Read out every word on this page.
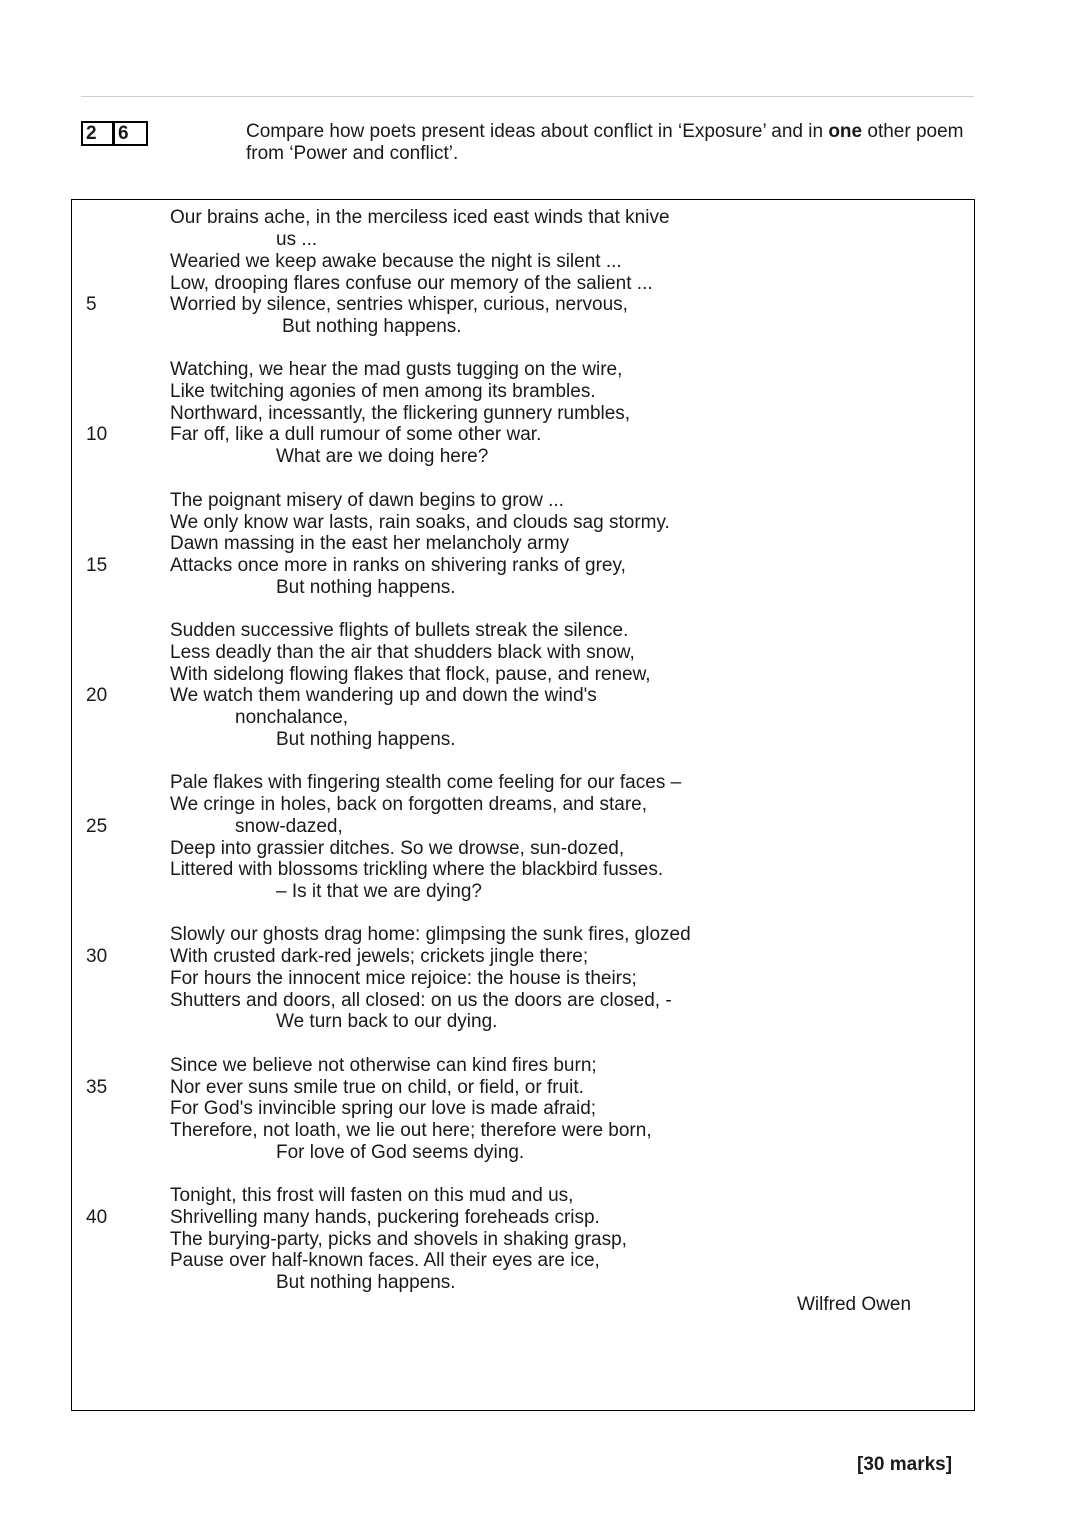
2	6	Compare how poets present ideas about conflict in ‘Exposure’ and in one other poem
from ‘Power and conflict’.
Our brains ache, in the merciless iced east winds that knive
us ...
Wearied we keep awake because the night is silent ...
Low, drooping flares confuse our memory of the salient ...
Worried by silence, sentries whisper, curious, nervous,
But nothing happens.
Watching, we hear the mad gusts tugging on the wire,
Like twitching agonies of men among its brambles.
Northward, incessantly, the flickering gunnery rumbles,
Far off, like a dull rumour of some other war.
What are we doing here?
The poignant misery of dawn begins to grow ...
We only know war lasts, rain soaks, and clouds sag stormy.
Dawn massing in the east her melancholy army
Attacks once more in ranks on shivering ranks of grey,
But nothing happens.
Sudden successive flights of bullets streak the silence.
Less deadly than the air that shudders black with snow,
With sidelong flowing flakes that flock, pause, and renew,
We watch them wandering up and down the wind's
nonchalance,
But nothing happens.
Pale flakes with fingering stealth come feeling for our faces –
We cringe in holes, back on forgotten dreams, and stare,
snow-dazed,
Deep into grassier ditches. So we drowse, sun-dozed,
Littered with blossoms trickling where the blackbird fusses.
– Is it that we are dying?
Slowly our ghosts drag home: glimpsing the sunk fires, glozed
With crusted dark-red jewels; crickets jingle there;
For hours the innocent mice rejoice: the house is theirs;
Shutters and doors, all closed: on us the doors are closed, -
We turn back to our dying.
Since we believe not otherwise can kind fires burn;
Nor ever suns smile true on child, or field, or fruit.
For God's invincible spring our love is made afraid;
Therefore, not loath, we lie out here; therefore were born,
For love of God seems dying.
Tonight, this frost will fasten on this mud and us,
Shrivelling many hands, puckering foreheads crisp.
The burying-party, picks and shovels in shaking grasp,
Pause over half-known faces. All their eyes are ice,
But nothing happens.
5
10
15
20
25
30
35
40
Wilfred Owen
[30 marks]
